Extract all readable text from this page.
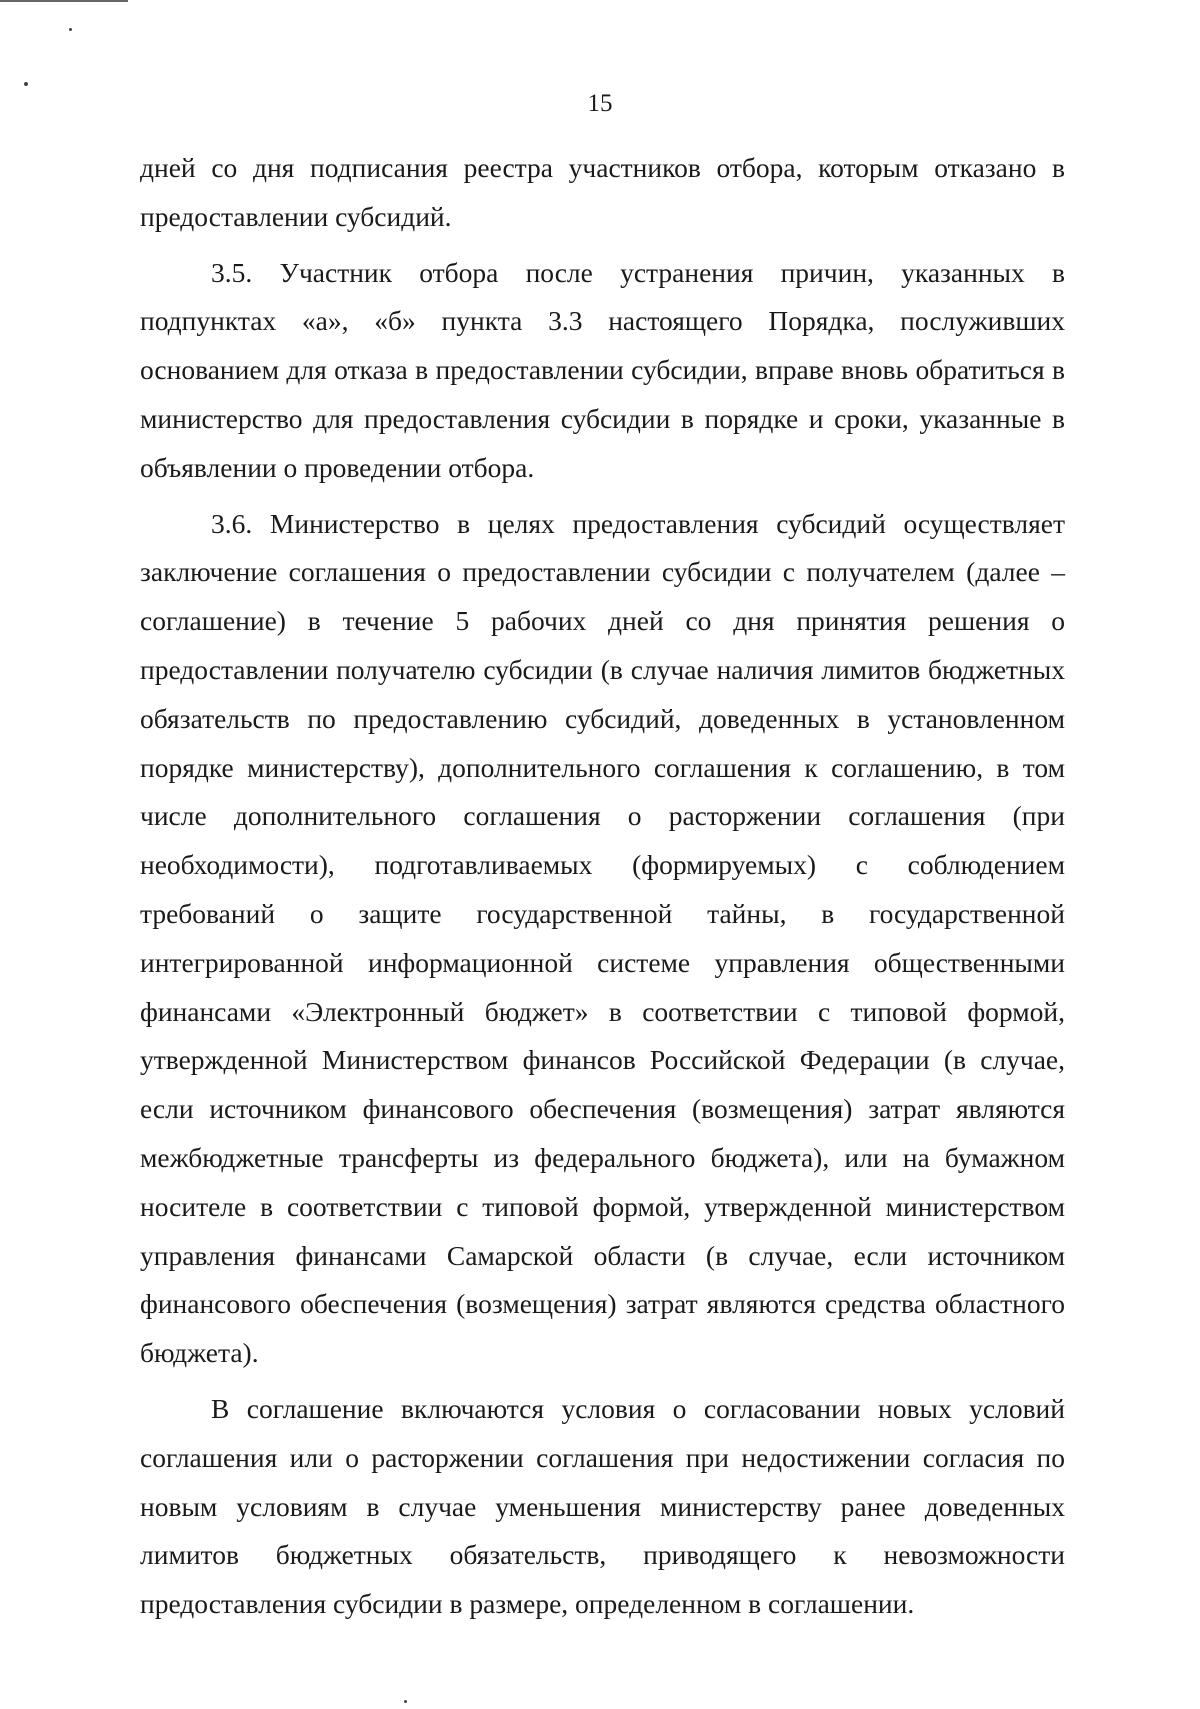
15

дней со дня подписания реестра участников отбора, которым отказано в предоставлении субсидий.

3.5. Участник отбора после устранения причин, указанных в подпунктах «а», «б» пункта 3.3 настоящего Порядка, послуживших основанием для отказа в предоставлении субсидии, вправе вновь обратиться в министерство для предоставления субсидии в порядке и сроки, указанные в объявлении о проведении отбора.

3.6. Министерство в целях предоставления субсидий осуществляет заключение соглашения о предоставлении субсидии с получателем (далее – соглашение) в течение 5 рабочих дней со дня принятия решения о предоставлении получателю субсидии (в случае наличия лимитов бюджетных обязательств по предоставлению субсидий, доведенных в установленном порядке министерству), дополнительного соглашения к соглашению, в том числе дополнительного соглашения о расторжении соглашения (при необходимости), подготавливаемых (формируемых) с соблюдением требований о защите государственной тайны, в государственной интегрированной информационной системе управления общественными финансами «Электронный бюджет» в соответствии с типовой формой, утвержденной Министерством финансов Российской Федерации (в случае, если источником финансового обеспечения (возмещения) затрат являются межбюджетные трансферты из федерального бюджета), или на бумажном носителе в соответствии с типовой формой, утвержденной министерством управления финансами Самарской области (в случае, если источником финансового обеспечения (возмещения) затрат являются средства областного бюджета).

В соглашение включаются условия о согласовании новых условий соглашения или о расторжении соглашения при недостижении согласия по новым условиям в случае уменьшения министерству ранее доведенных лимитов бюджетных обязательств, приводящего к невозможности предоставления субсидии в размере, определенном в соглашении.
